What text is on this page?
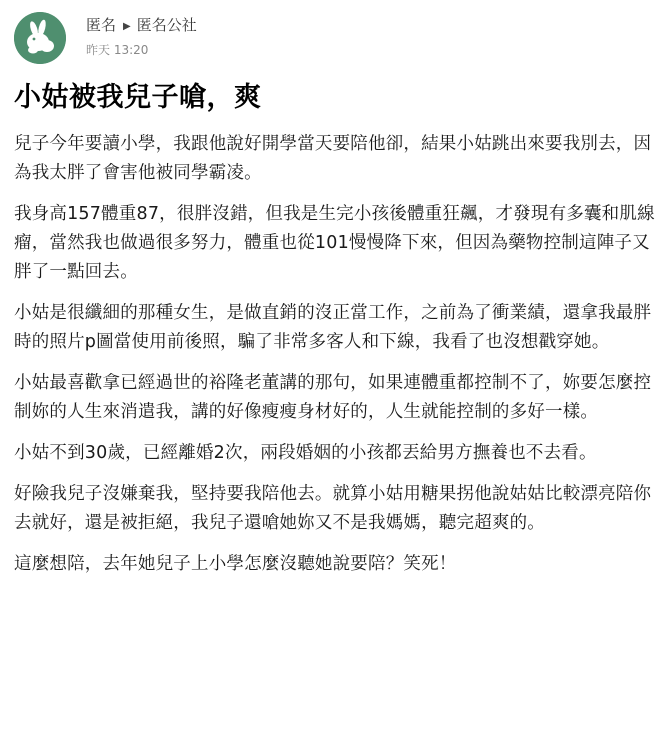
匿名 ▶ 匿名公社
昨天 13:20
小姑被我兒子嗆，爽

兒子今年要讀小學，我跟他說好開學當天要陪他卻，結果小姑跳出來要我別去，因為我太胖了會害他被同學霸凌。

我身高157體重87，很胖沒錯，但我是生完小孩後體重狂飆，才發現有多囊和肌線瘤，當然我也做過很多努力，體重也從101慢慢降下來，但因為藥物控制這陣子又胖了一點回去。

小姑是很纖細的那種女生，是做直銷的沒正當工作，之前為了衝業績，還拿我最胖時的照片p圖當使用前後照，騙了非常多客人和下線，我看了也沒想戳穿她。

小姑最喜歡拿已經過世的裕隆老董講的那句，如果連體重都控制不了，妳要怎麼控制妳的人生來消遣我，講的好像瘦瘦身材好的，人生就能控制的多好一樣。

小姑不到30歲，已經離婚2次，兩段婚姻的小孩都丟給男方撫養也不去看。

好險我兒子沒嫌棄我，堅持要我陪他去。就算小姑用糖果拐他說姑姑比較漂亮陪你去就好，還是被拒絕，我兒子還嗆她妳又不是我媽媽，聽完超爽的。

這麼想陪，去年她兒子上小學怎麼沒聽她說要陪？笑死！
